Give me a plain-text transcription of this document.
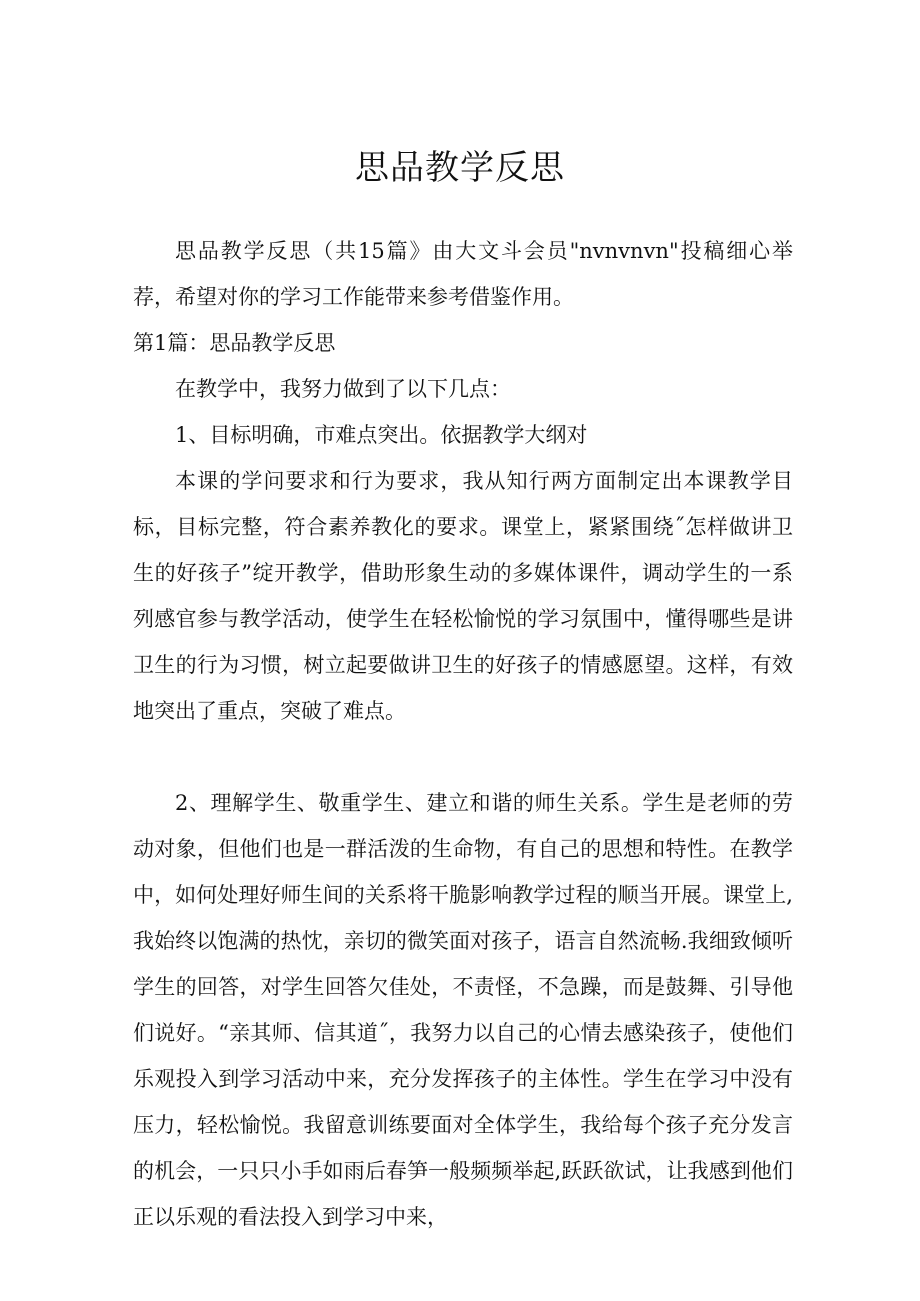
思品教学反思

思品教学反思（共15篇》由大文斗会员"nvnvnvn"投稿细心举荐，希望对你的学习工作能带来参考借鉴作用。

第1篇：思品教学反思

在教学中，我努力做到了以下几点：

1、目标明确，市难点突出。依据教学大纲对

本课的学问要求和行为要求，我从知行两方面制定出本课教学目标，目标完整，符合素养教化的要求。课堂上，紧紧围绕˝怎样做讲卫生的好孩子”绽开教学，借助形象生动的多媒体课件，调动学生的一系列感官参与教学活动，使学生在轻松愉悦的学习氛围中，懂得哪些是讲卫生的行为习惯，树立起要做讲卫生的好孩子的情感愿望。这样，有效地突出了重点，突破了难点。

2、理解学生、敬重学生、建立和谐的师生关系。学生是老师的劳动对象，但他们也是一群活泼的生命物，有自己的思想和特性。在教学中，如何处理好师生间的关系将干脆影响教学过程的顺当开展。课堂上,我始终以饱满的热忱，亲切的微笑面对孩子，语言自然流畅.我细致倾听学生的回答，对学生回答欠佳处，不责怪，不急躁，而是鼓舞、引导他们说好。“亲其师、信其道˝，我努力以自己的心情去感染孩子，使他们乐观投入到学习活动中来，充分发挥孩子的主体性。学生在学习中没有压力，轻松愉悦。我留意训练要面对全体学生，我给每个孩子充分发言的机会，一只只小手如雨后春笋一般频频举起,跃跃欲试，让我感到他们正以乐观的看法投入到学习中来，
